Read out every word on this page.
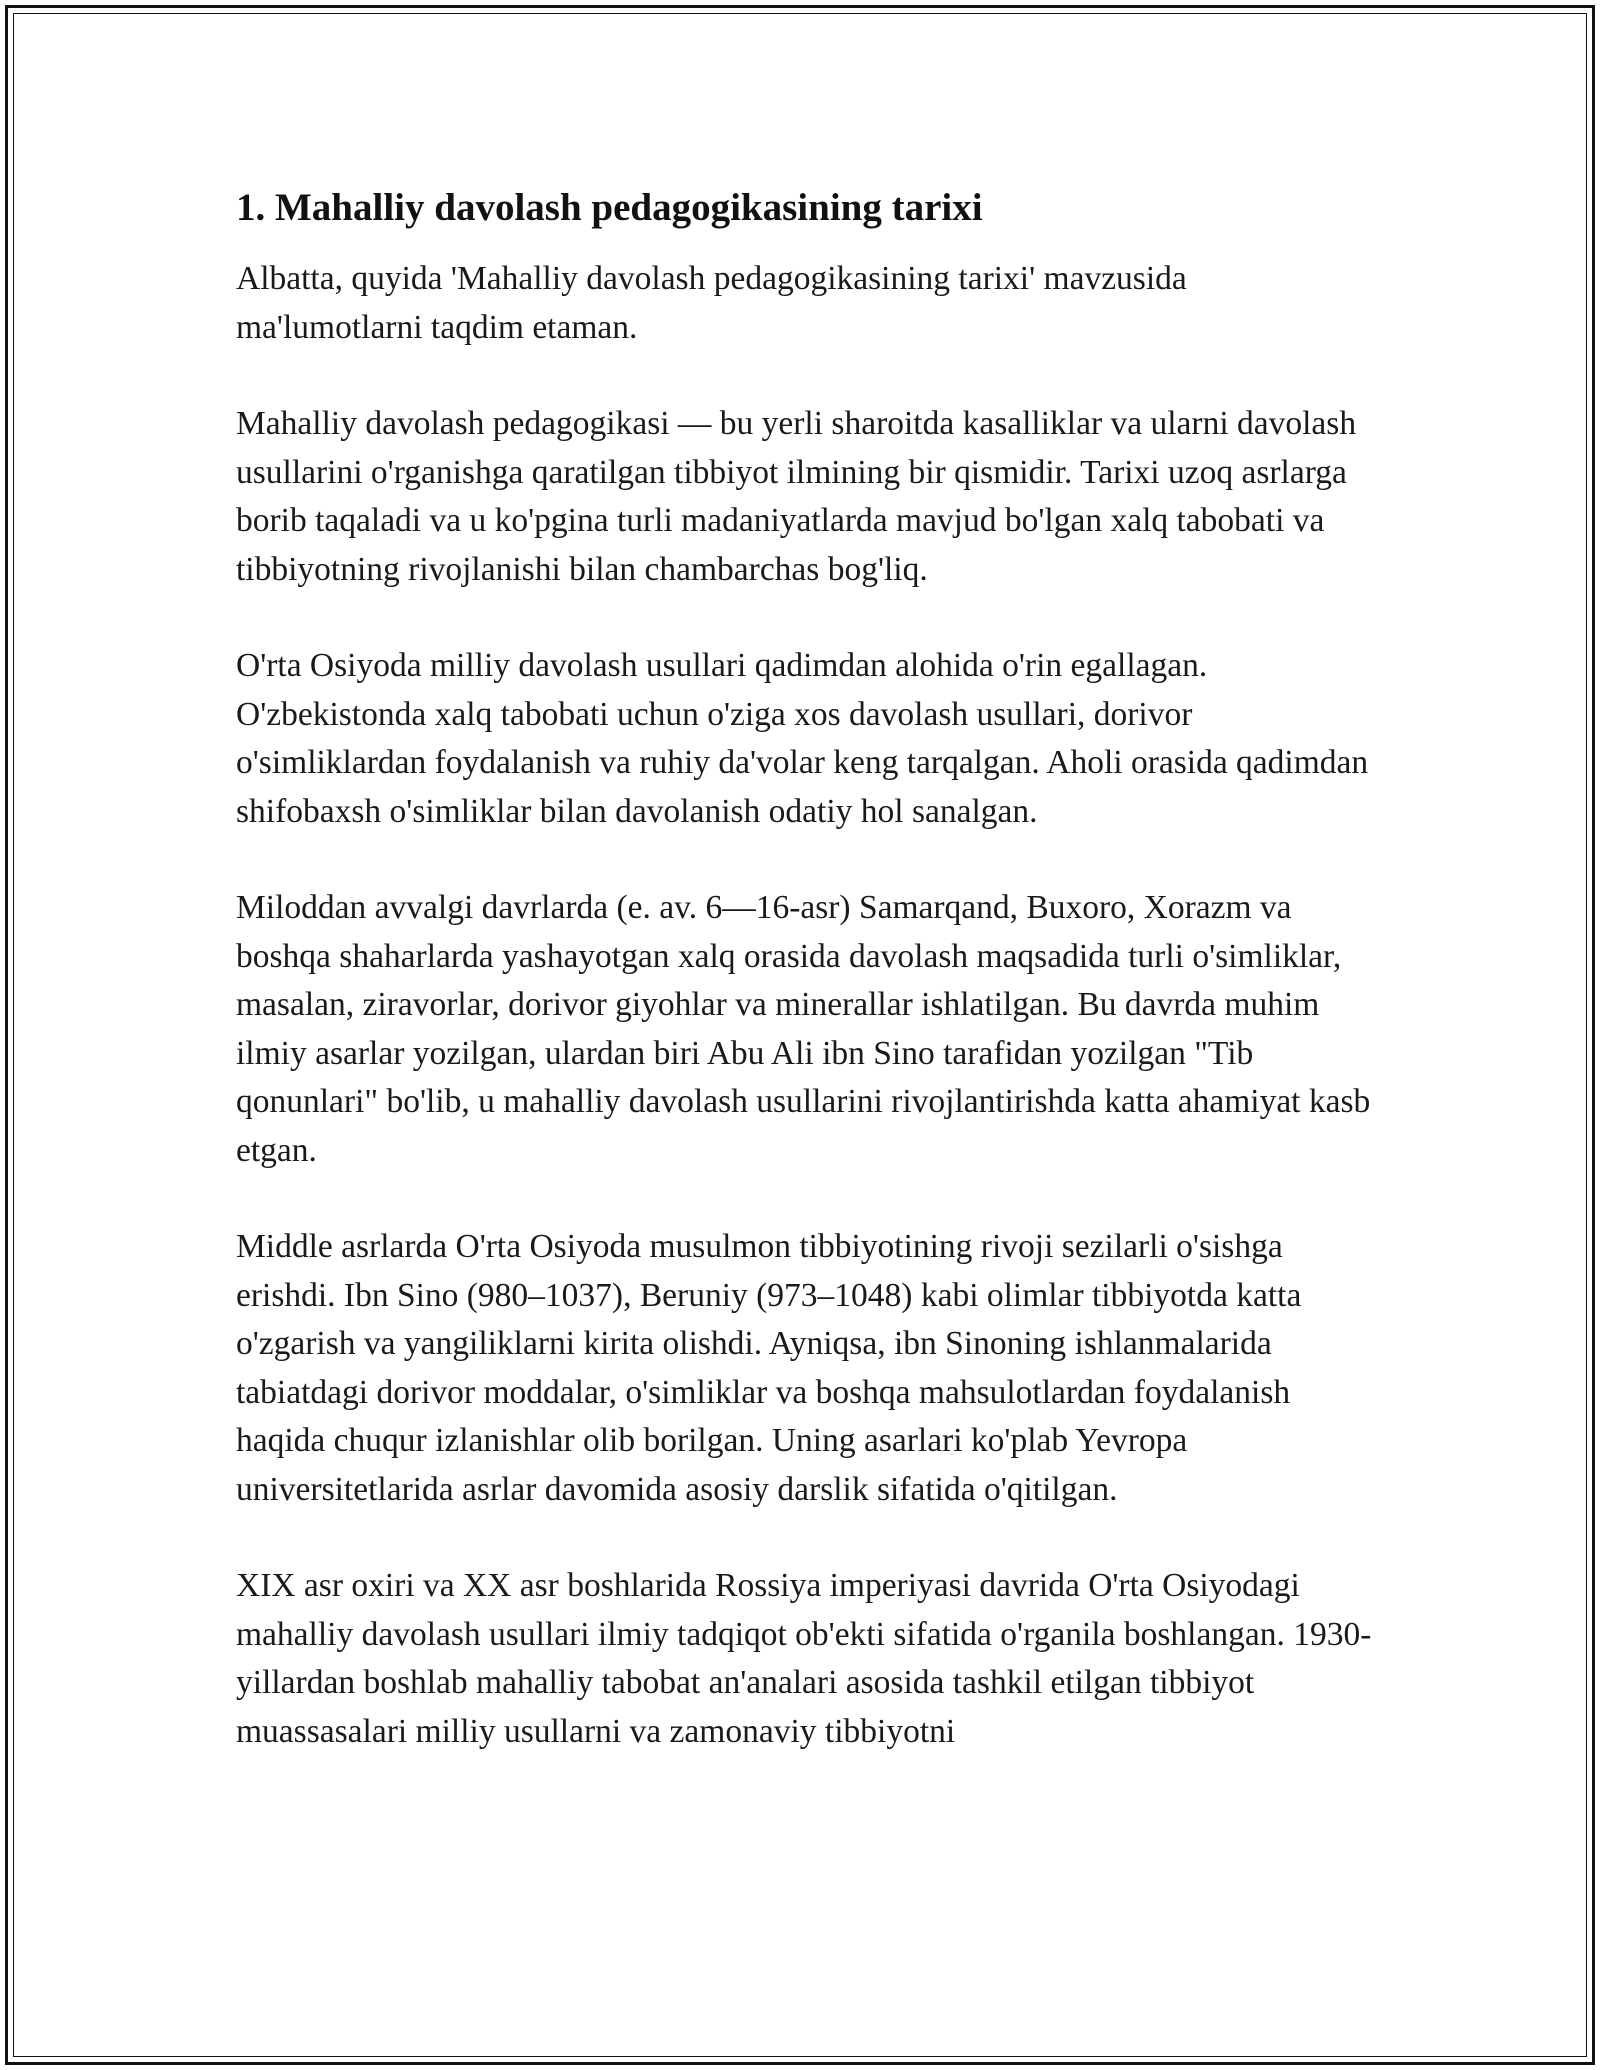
1. Mahalliy davolash pedagogikasining tarixi

Albatta, quyida 'Mahalliy davolash pedagogikasining tarixi' mavzusida ma'lumotlarni taqdim etaman.

Mahalliy davolash pedagogikasi — bu yerli sharoitda kasalliklar va ularni davolash usullarini o'rganishga qaratilgan tibbiyot ilmining bir qismidir. Tarixi uzoq asrlarga borib taqaladi va u ko'pgina turli madaniyatlarda mavjud bo'lgan xalq tabobati va tibbiyotning rivojlanishi bilan chambarchas bog'liq.

O'rta Osiyoda milliy davolash usullari qadimdan alohida o'rin egallagan. O'zbekistonda xalq tabobati uchun o'ziga xos davolash usullari, dorivor o'simliklardan foydalanish va ruhiy da'volar keng tarqalgan. Aholi orasida qadimdan shifobaxsh o'simliklar bilan davolanish odatiy hol sanalgan.

Miloddan avvalgi davrlarda (e. av. 6—16-asr) Samarqand, Buxoro, Xorazm va boshqa shaharlarda yashayotgan xalq orasida davolash maqsadida turli o'simliklar, masalan, ziravorlar, dorivor giyohlar va minerallar ishlatilgan. Bu davrda muhim ilmiy asarlar yozilgan, ulardan biri Abu Ali ibn Sino tarafidan yozilgan "Tib qonunlari" bo'lib, u mahalliy davolash usullarini rivojlantirishda katta ahamiyat kasb etgan.

Middle asrlarda O'rta Osiyoda musulmon tibbiyotining rivoji sezilarli o'sishga erishdi. Ibn Sino (980–1037), Beruniy (973–1048) kabi olimlar tibbiyotda katta o'zgarish va yangiliklarni kirita olishdi. Ayniqsa, ibn Sinoning ishlanmalarida tabiatdagi dorivor moddalar, o'simliklar va boshqa mahsulotlardan foydalanish haqida chuqur izlanishlar olib borilgan. Uning asarlari ko'plab Yevropa universitetlarida asrlar davomida asosiy darslik sifatida o'qitilgan.

XIX asr oxiri va XX asr boshlarida Rossiya imperiyasi davrida O'rta Osiyodagi mahalliy davolash usullari ilmiy tadqiqot ob'ekti sifatida o'rganila boshlangan. 1930-yillardan boshlab mahalliy tabobat an'analari asosida tashkil etilgan tibbiyot muassasalari milliy usullarni va zamonaviy tibbiyotni
